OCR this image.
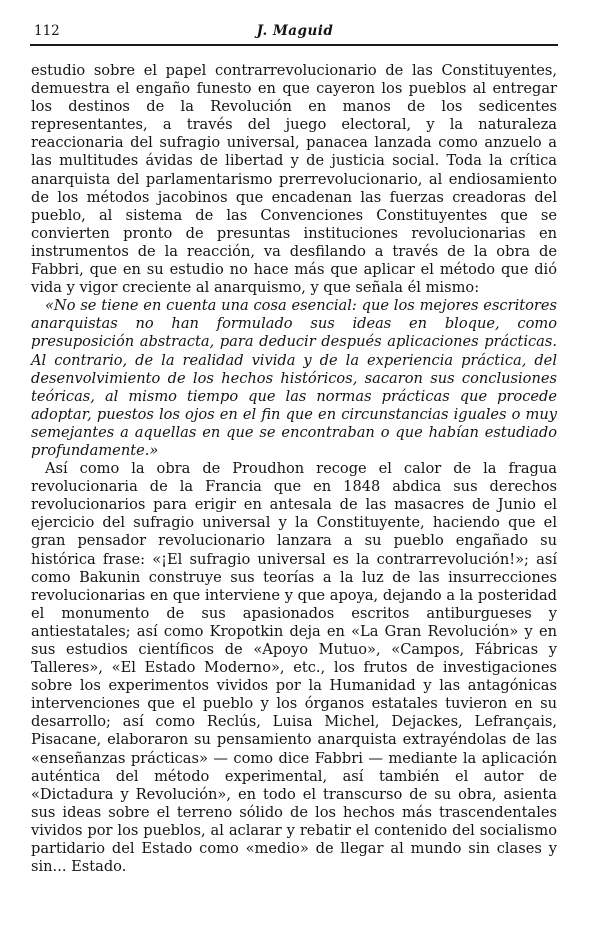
112	J. Maguid

estudio sobre el papel contrarrevolucionario de las Constituyentes, demuestra el engaño funesto en que cayeron los pueblos al entregar los destinos de la Revolución en manos de los sedicentes representantes, a través del juego electoral, y la naturaleza reaccionaria del sufragio universal, panacea lanzada como anzuelo a las multitudes ávidas de libertad y de justicia social. Toda la crítica anarquista del parlamentarismo prerrevolucionario, al endiosamiento de los métodos jacobinos que encadenan las fuerzas creadoras del pueblo, al sistema de las Convenciones Constituyentes que se convierten pronto de presuntas instituciones revolucionarias en instrumentos de la reacción, va desfilando a través de la obra de Fabbri, que en su estudio no hace más que aplicar el método que dió vida y vigor creciente al anarquismo, y que señala él mismo:

«No se tiene en cuenta una cosa esencial: que los mejores escritores anarquistas no han formulado sus ideas en bloque, como presuposición abstracta, para deducir después aplicaciones prácticas. Al contrario, de la realidad vivida y de la experiencia práctica, del desenvolvimiento de los hechos históricos, sacaron sus conclusiones teóricas, al mismo tiempo que las normas prácticas que procede adoptar, puestos los ojos en el fin que en circunstancias iguales o muy semejantes a aquellas en que se encontraban o que habían estudiado profundamente.»

Así como la obra de Proudhon recoge el calor de la fragua revolucionaria de la Francia que en 1848 abdica sus derechos revolucionarios para erigir en antesala de las masacres de Junio el ejercicio del sufragio universal y la Constituyente, haciendo que el gran pensador revolucionario lanzara a su pueblo engañado su histórica frase: «¡El sufragio universal es la contrarrevolución!»; así como Bakunin construye sus teorías a la luz de las insurrecciones revolucionarias en que interviene y que apoya, dejando a la posteridad el monumento de sus apasionados escritos antiburgueses y antiestatales; así como Kropotkin deja en «La Gran Revolución» y en sus estudios científicos de «Apoyo Mutuo», «Campos, Fábricas y Talleres», «El Estado Moderno», etc., los frutos de investigaciones sobre los experimentos vividos por la Humanidad y las antagónicas intervenciones que el pueblo y los órganos estatales tuvieron en su desarrollo; así como Reclús, Luisa Michel, Dejackes, Lefrançais, Pisacane, elaboraron su pensamiento anarquista extrayéndolas de las «enseñanzas prácticas» — como dice Fabbri — mediante la aplicación auténtica del método experimental, así también el autor de «Dictadura y Revolución», en todo el transcurso de su obra, asienta sus ideas sobre el terreno sólido de los hechos más trascendentales vividos por los pueblos, al aclarar y rebatir el contenido del socialismo partidario del Estado como «medio» de llegar al mundo sin clases y sin... Estado.
